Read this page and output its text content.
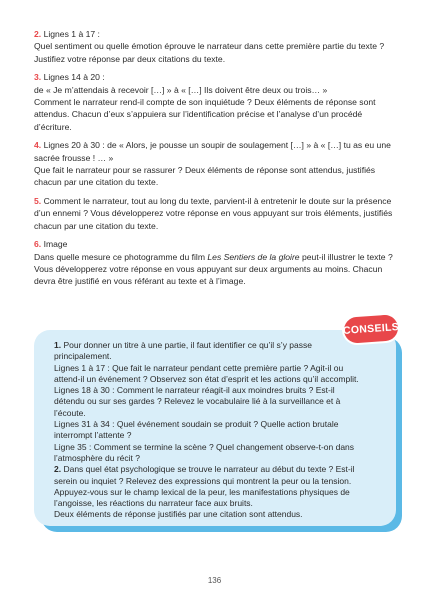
2. Lignes 1 à 17 :

Quel sentiment ou quelle émotion éprouve le narrateur dans cette première partie du texte ? Justifiez votre réponse par deux citations du texte.

3. Lignes 14 à 20 :

de « Je m’attendais à recevoir […] » à « […] Ils doivent être deux ou trois… »

Comment le narrateur rend-il compte de son inquiétude ? Deux éléments de réponse sont attendus. Chacun d’eux s’appuiera sur l’identification précise et l’analyse d’un procédé d’écriture.

4. Lignes 20 à 30 : de « Alors, je pousse un soupir de soulagement […] » à « […] tu as eu une sacrée frousse ! … »

Que fait le narrateur pour se rassurer ? Deux éléments de réponse sont attendus, justifiés chacun par une citation du texte.

5. Comment le narrateur, tout au long du texte, parvient-il à entretenir le doute sur la présence d’un ennemi ? Vous développerez votre réponse en vous appuyant sur trois éléments, justifiés chacun par une citation du texte.

6. Image

Dans quelle mesure ce photogramme du film Les Sentiers de la gloire peut-il illustrer le texte ? Vous développerez votre réponse en vous appuyant sur deux arguments au moins. Chacun devra être justifié en vous référant au texte et à l’image.

CONSEILS

1. Pour donner un titre à une partie, il faut identifier ce qu’il s’y passe principalement.

Lignes 1 à 17 : Que fait le narrateur pendant cette première partie ? Agit-il ou attend-il un événement ? Observez son état d’esprit et les actions qu’il accomplit.

Lignes 18 à 30 : Comment le narrateur réagit-il aux moindres bruits ? Est-il détendu ou sur ses gardes ? Relevez le vocabulaire lié à la surveillance et à l’écoute.

Lignes 31 à 34 : Quel événement soudain se produit ? Quelle action brutale interrompt l’attente ?

Ligne 35 : Comment se termine la scène ? Quel changement observe-t-on dans l’atmosphère du récit ?

2. Dans quel état psychologique se trouve le narrateur au début du texte ? Est-il serein ou inquiet ? Relevez des expressions qui montrent la peur ou la tension. Appuyez-vous sur le champ lexical de la peur, les manifestations physiques de l’angoisse, les réactions du narrateur face aux bruits.

Deux éléments de réponse justifiés par une citation sont attendus.

136
